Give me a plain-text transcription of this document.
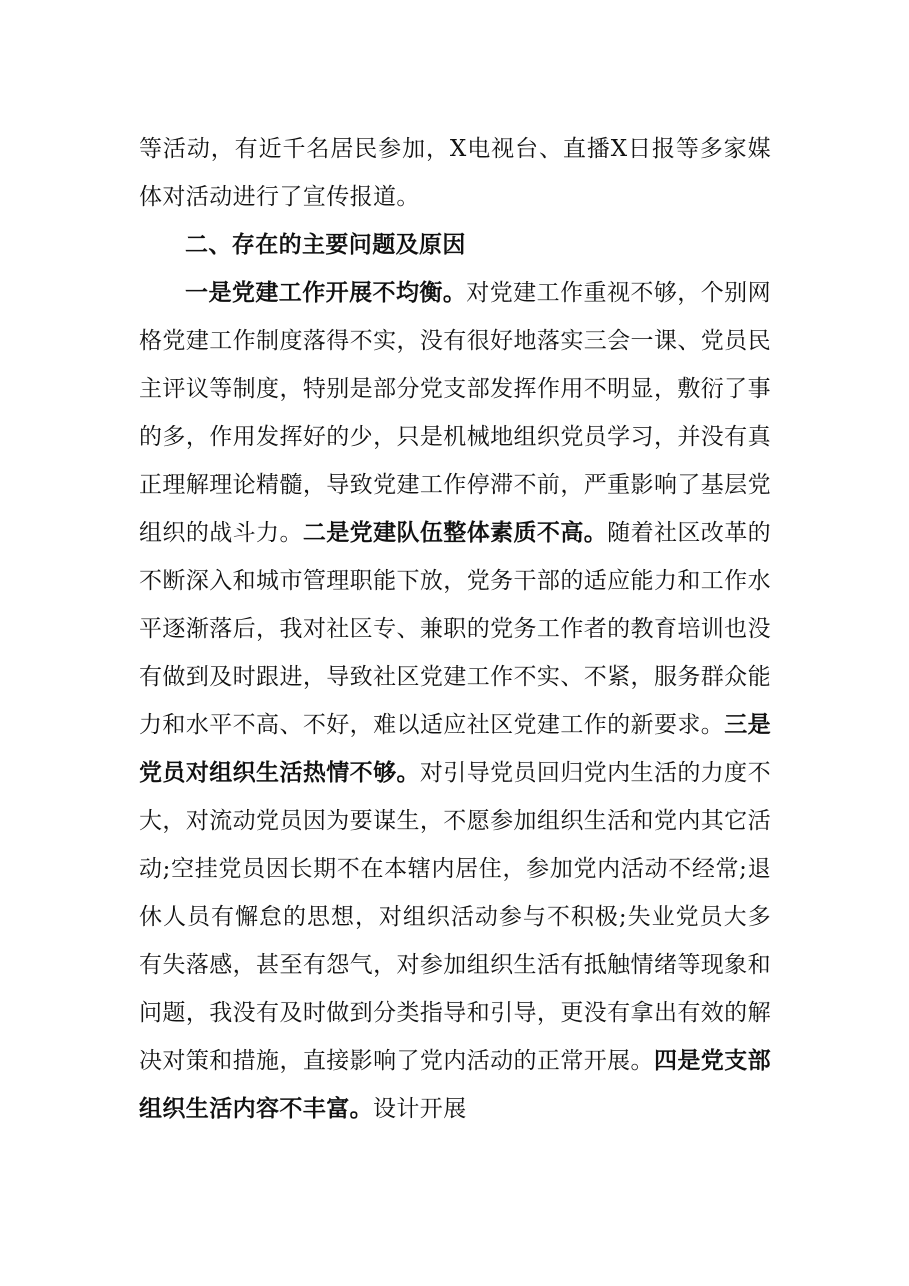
等活动，有近千名居民参加，X电视台、直播X日报等多家媒体对活动进行了宣传报道。

二、存在的主要问题及原因

一是党建工作开展不均衡。对党建工作重视不够，个别网格党建工作制度落得不实，没有很好地落实三会一课、党员民主评议等制度，特别是部分党支部发挥作用不明显，敷衍了事的多，作用发挥好的少，只是机械地组织党员学习，并没有真正理解理论精髓，导致党建工作停滞不前，严重影响了基层党组织的战斗力。二是党建队伍整体素质不高。随着社区改革的不断深入和城市管理职能下放，党务干部的适应能力和工作水平逐渐落后，我对社区专、兼职的党务工作者的教育培训也没有做到及时跟进，导致社区党建工作不实、不紧，服务群众能力和水平不高、不好，难以适应社区党建工作的新要求。三是党员对组织生活热情不够。对引导党员回归党内生活的力度不大，对流动党员因为要谋生，不愿参加组织生活和党内其它活动;空挂党员因长期不在本辖内居住，参加党内活动不经常;退休人员有懈怠的思想，对组织活动参与不积极;失业党员大多有失落感，甚至有怨气，对参加组织生活有抵触情绪等现象和问题，我没有及时做到分类指导和引导，更没有拿出有效的解决对策和措施，直接影响了党内活动的正常开展。四是党支部组织生活内容不丰富。设计开展
